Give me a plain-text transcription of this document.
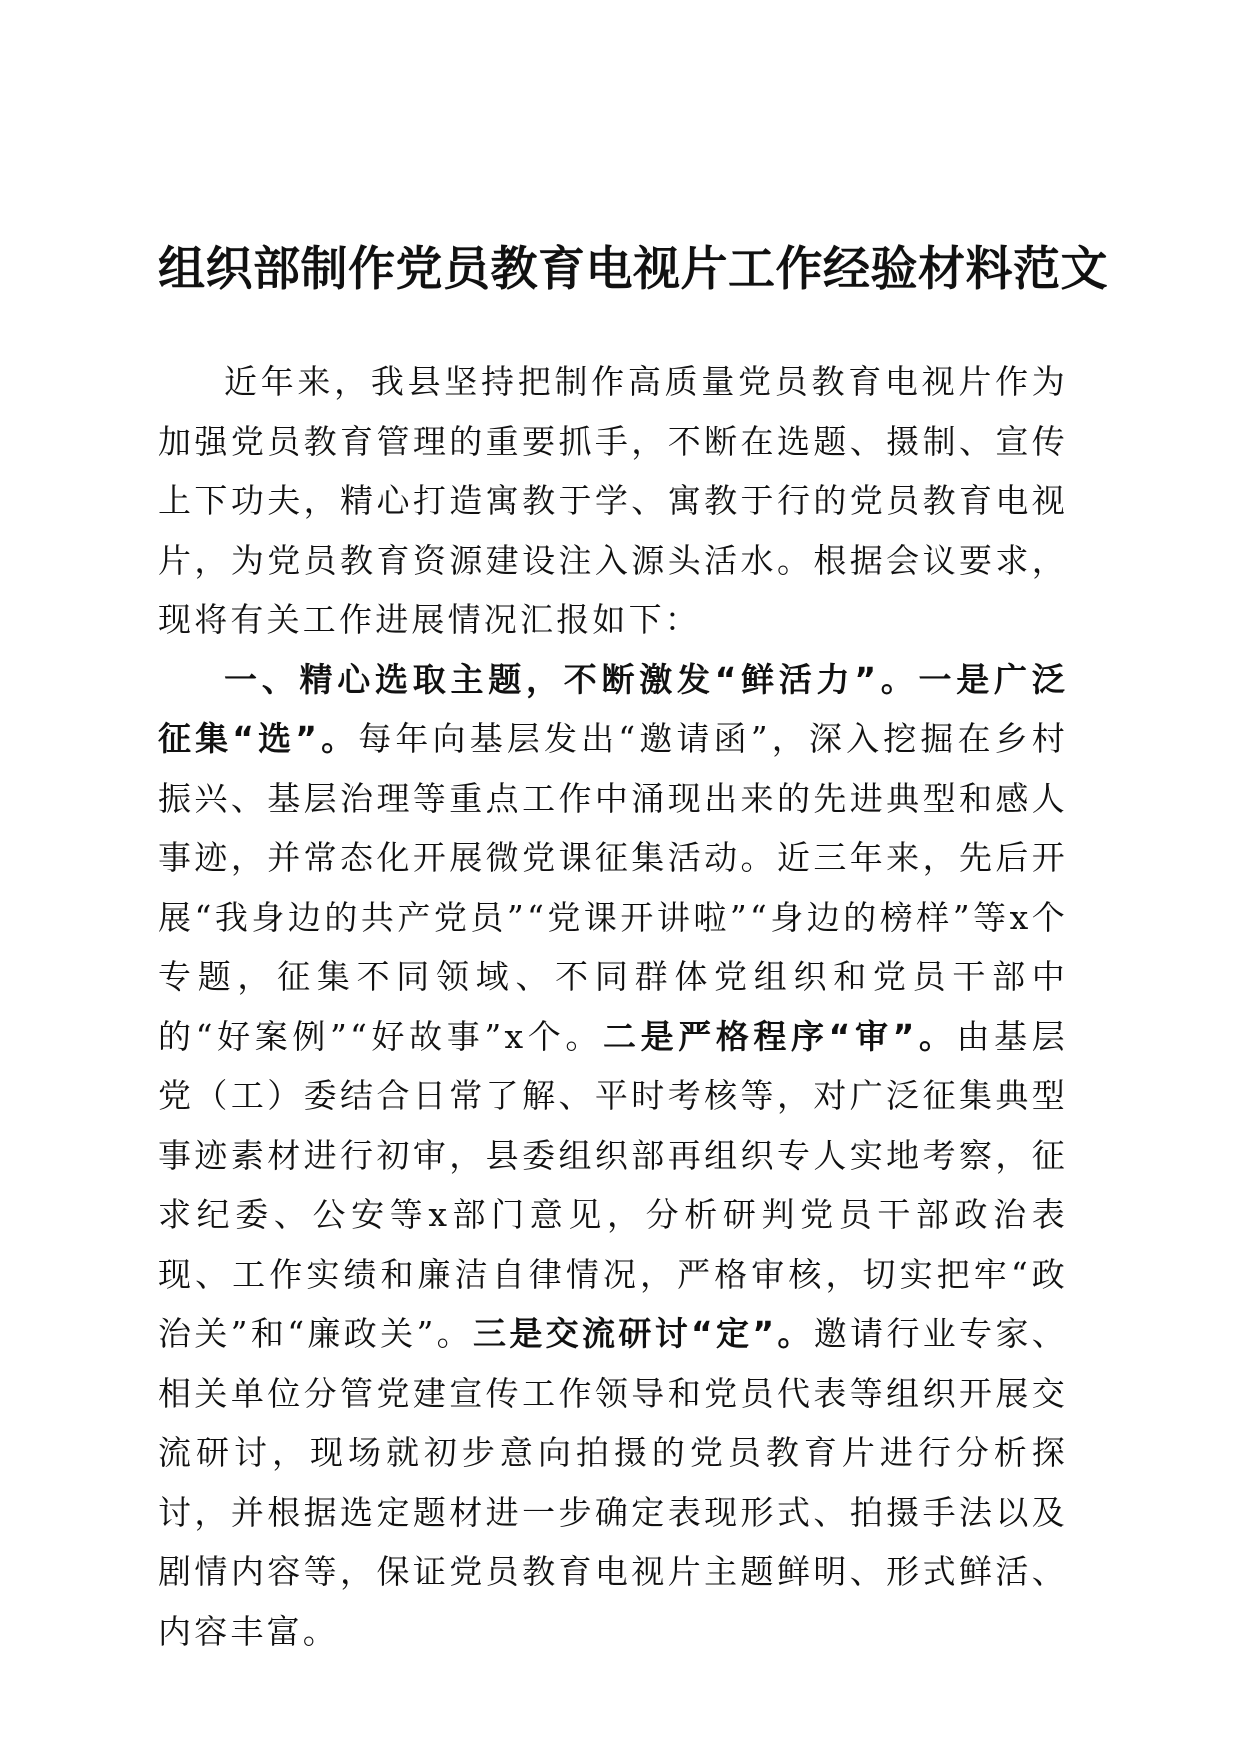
组织部制作党员教育电视片工作经验材料范文

近年来，我县坚持把制作高质量党员教育电视片作为加强党员教育管理的重要抓手，不断在选题、摄制、宣传上下功夫，精心打造寓教于学、寓教于行的党员教育电视片，为党员教育资源建设注入源头活水。根据会议要求，现将有关工作进展情况汇报如下：

一、精心选取主题，不断激发“鲜活力”。一是广泛征集“选”。每年向基层发出“邀请函”，深入挖掘在乡村振兴、基层治理等重点工作中涌现出来的先进典型和感人事迹，并常态化开展微党课征集活动。近三年来，先后开展“我身边的共产党员”“党课开讲啦”“身边的榜样”等x个专题，征集不同领域、不同群体党组织和党员干部中的“好案例”“好故事”x个。二是严格程序“审”。由基层党（工）委结合日常了解、平时考核等，对广泛征集典型事迹素材进行初审，县委组织部再组织专人实地考察，征求纪委、公安等x部门意见，分析研判党员干部政治表现、工作实绩和廉洁自律情况，严格审核，切实把牢“政治关”和“廉政关”。三是交流研讨“定”。邀请行业专家、相关单位分管党建宣传工作领导和党员代表等组织开展交流研讨，现场就初步意向拍摄的党员教育片进行分析探讨，并根据选定题材进一步确定表现形式、拍摄手法以及剧情内容等，保证党员教育电视片主题鲜明、形式鲜活、内容丰富。
